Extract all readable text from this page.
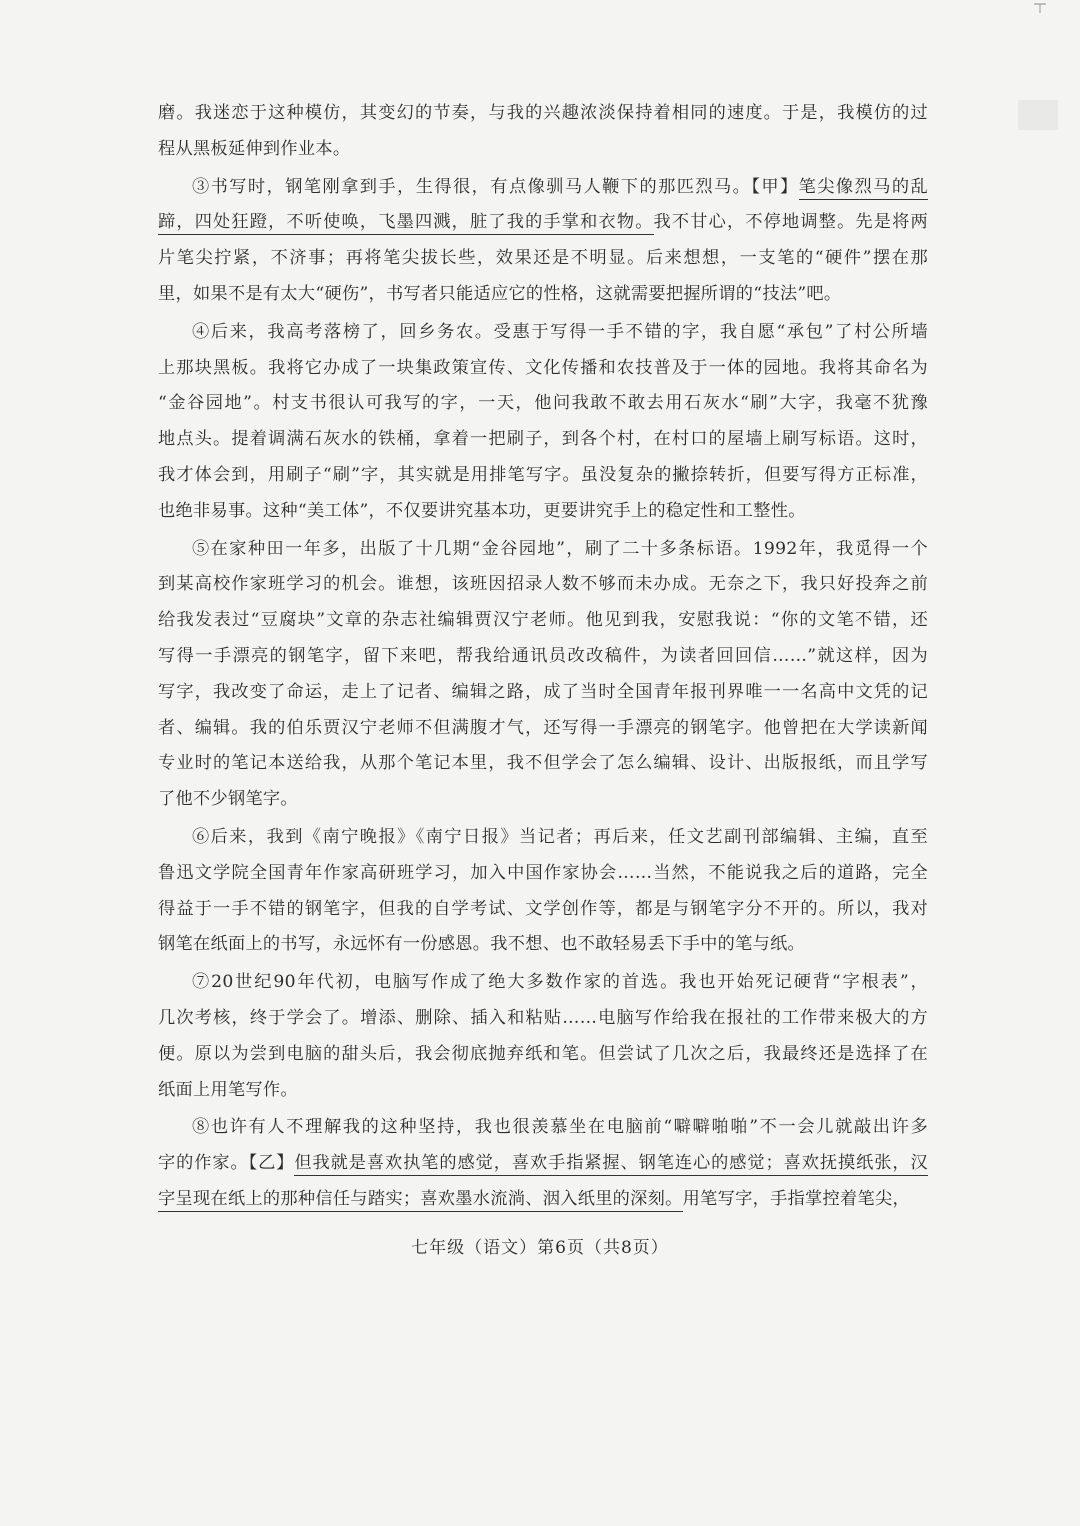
磨。我迷恋于这种模仿，其变幻的节奏，与我的兴趣浓淡保持着相同的速度。于是，我模仿的过
程从黑板延伸到作业本。
③书写时，钢笔刚拿到手，生得很，有点像驯马人鞭下的那匹烈马。【甲】笔尖像烈马的乱
蹄，四处狂蹬，不听使唤，飞墨四溅，脏了我的手掌和衣物。我不甘心，不停地调整。先是将两
片笔尖拧紧，不济事；再将笔尖拔长些，效果还是不明显。后来想想，一支笔的“硬件”摆在那
里，如果不是有太大“硬伤”，书写者只能适应它的性格，这就需要把握所谓的“技法”吧。
④后来，我高考落榜了，回乡务农。受惠于写得一手不错的字，我自愿“承包”了村公所墙
上那块黑板。我将它办成了一块集政策宣传、文化传播和农技普及于一体的园地。我将其命名为
“金谷园地”。村支书很认可我写的字，一天，他问我敢不敢去用石灰水“刷”大字，我毫不犹豫
地点头。提着调满石灰水的铁桶，拿着一把刷子，到各个村，在村口的屋墙上刷写标语。这时，
我才体会到，用刷子“刷”字，其实就是用排笔写字。虽没复杂的撇捺转折，但要写得方正标准，
也绝非易事。这种“美工体”，不仅要讲究基本功，更要讲究手上的稳定性和工整性。
⑤在家种田一年多，出版了十几期“金谷园地”，刷了二十多条标语。1992年，我觅得一个
到某高校作家班学习的机会。谁想，该班因招录人数不够而未办成。无奈之下，我只好投奔之前
给我发表过“豆腐块”文章的杂志社编辑贾汉宁老师。他见到我，安慰我说：“你的文笔不错，还
写得一手漂亮的钢笔字，留下来吧，帮我给通讯员改改稿件，为读者回回信……”就这样，因为
写字，我改变了命运，走上了记者、编辑之路，成了当时全国青年报刊界唯一一名高中文凭的记
者、编辑。我的伯乐贾汉宁老师不但满腹才气，还写得一手漂亮的钢笔字。他曾把在大学读新闻
专业时的笔记本送给我，从那个笔记本里，我不但学会了怎么编辑、设计、出版报纸，而且学写
了他不少钢笔字。
⑥后来，我到《南宁晚报》《南宁日报》当记者；再后来，任文艺副刊部编辑、主编，直至
鲁迅文学院全国青年作家高研班学习，加入中国作家协会……当然，不能说我之后的道路，完全
得益于一手不错的钢笔字，但我的自学考试、文学创作等，都是与钢笔字分不开的。所以，我对
钢笔在纸面上的书写，永远怀有一份感恩。我不想、也不敢轻易丢下手中的笔与纸。
⑦20世纪90年代初，电脑写作成了绝大多数作家的首选。我也开始死记硬背“字根表”，
几次考核，终于学会了。增添、删除、插入和粘贴……电脑写作给我在报社的工作带来极大的方
便。原以为尝到电脑的甜头后，我会彻底抛弃纸和笔。但尝试了几次之后，我最终还是选择了在
纸面上用笔写作。
⑧也许有人不理解我的这种坚持，我也很羡慕坐在电脑前“噼噼啪啪”不一会儿就敲出许多
字的作家。【乙】但我就是喜欢执笔的感觉，喜欢手指紧握、钢笔连心的感觉；喜欢抚摸纸张，汉
字呈现在纸上的那种信任与踏实；喜欢墨水流淌、洇入纸里的深刻。用笔写字，手指掌控着笔尖，
七年级（语文）第6页（共8页）
